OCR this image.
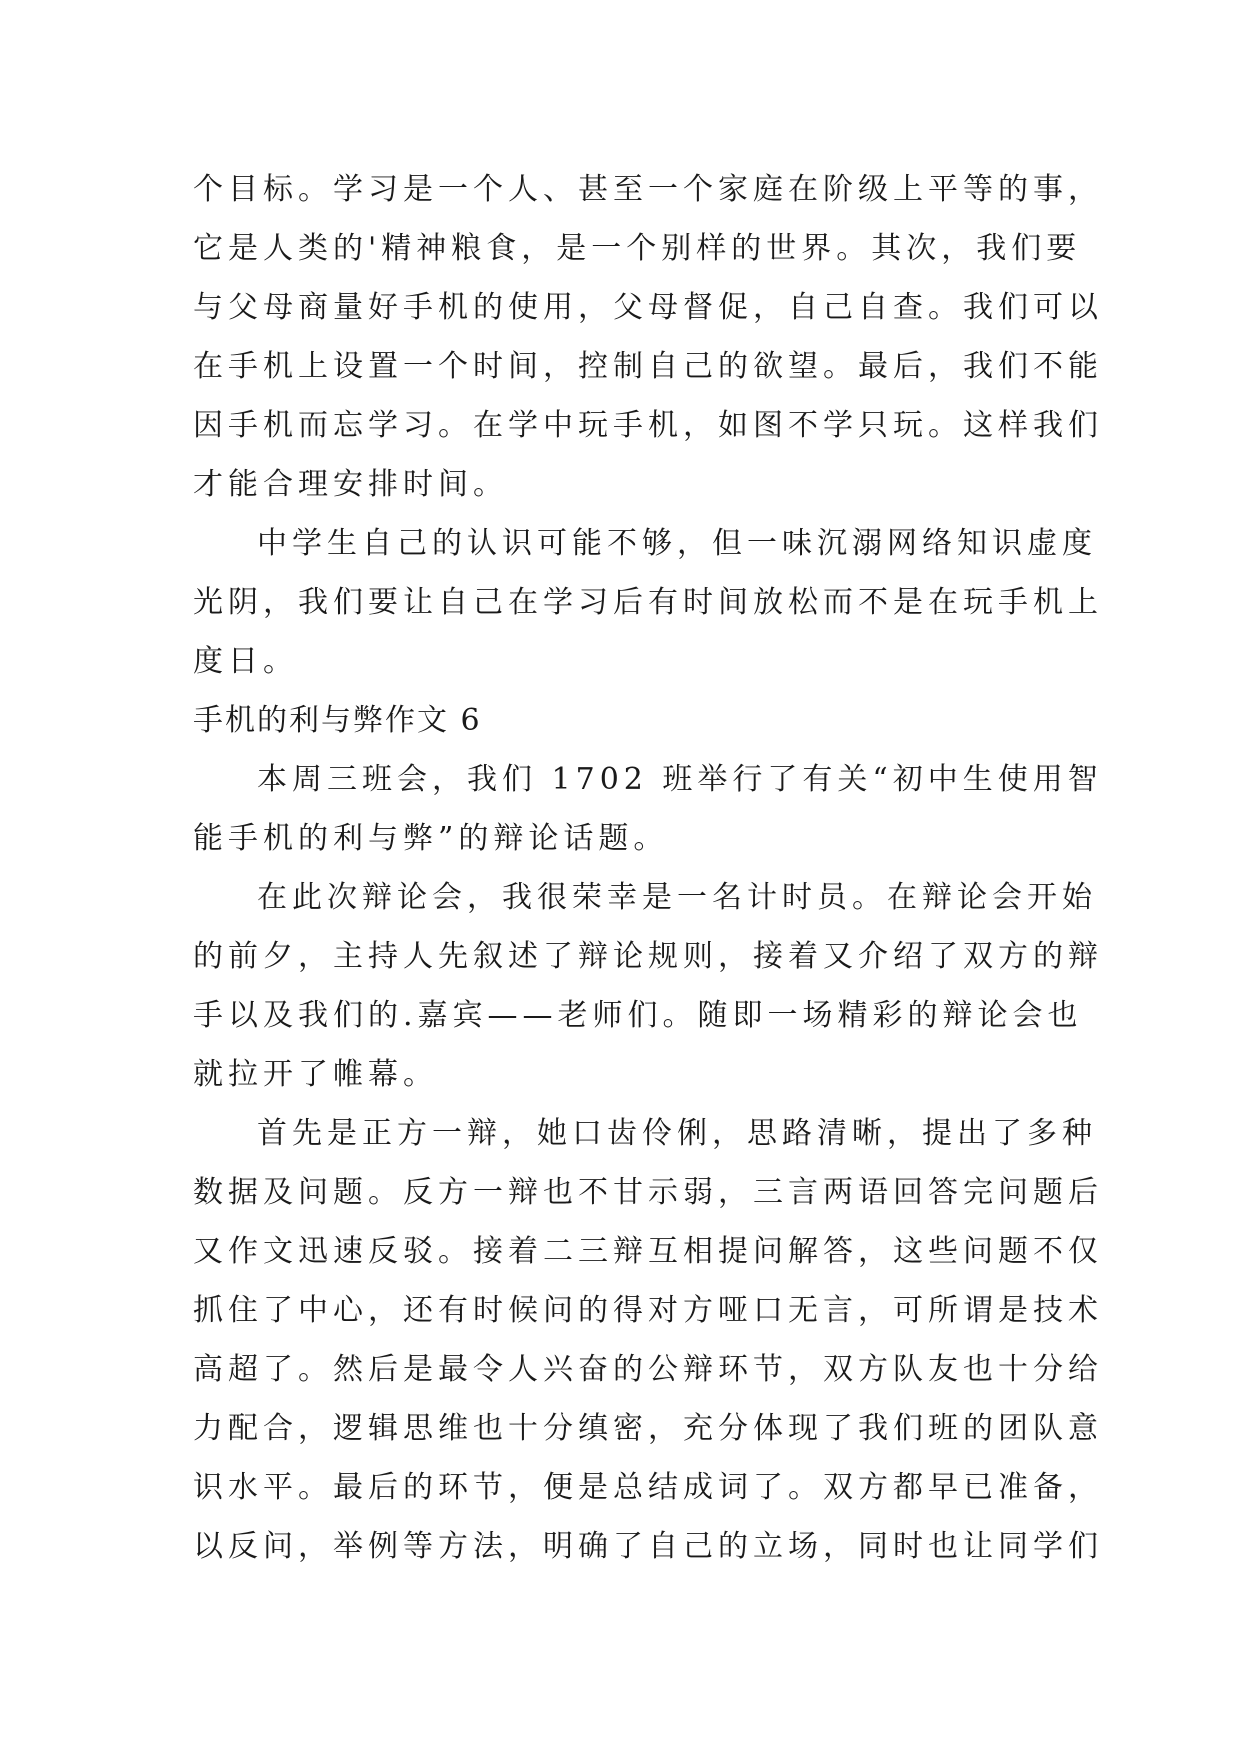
个目标。学习是一个人、甚至一个家庭在阶级上平等的事，
它是人类的'精神粮食，是一个别样的世界。其次，我们要
与父母商量好手机的使用，父母督促，自己自查。我们可以
在手机上设置一个时间，控制自己的欲望。最后，我们不能
因手机而忘学习。在学中玩手机，如图不学只玩。这样我们
才能合理安排时间。
中学生自己的认识可能不够，但一味沉溺网络知识虚度
光阴，我们要让自己在学习后有时间放松而不是在玩手机上
度日。
手机的利与弊作文 6
本周三班会，我们 1702 班举行了有关“初中生使用智
能手机的利与弊”的辩论话题。
在此次辩论会，我很荣幸是一名计时员。在辩论会开始
的前夕，主持人先叙述了辩论规则，接着又介绍了双方的辩
手以及我们的.嘉宾——老师们。随即一场精彩的辩论会也
就拉开了帷幕。
首先是正方一辩，她口齿伶俐，思路清晰，提出了多种
数据及问题。反方一辩也不甘示弱，三言两语回答完问题后
又作文迅速反驳。接着二三辩互相提问解答，这些问题不仅
抓住了中心，还有时候问的得对方哑口无言，可所谓是技术
高超了。然后是最令人兴奋的公辩环节，双方队友也十分给
力配合，逻辑思维也十分缜密，充分体现了我们班的团队意
识水平。最后的环节，便是总结成词了。双方都早已准备，
以反问，举例等方法，明确了自己的立场，同时也让同学们
